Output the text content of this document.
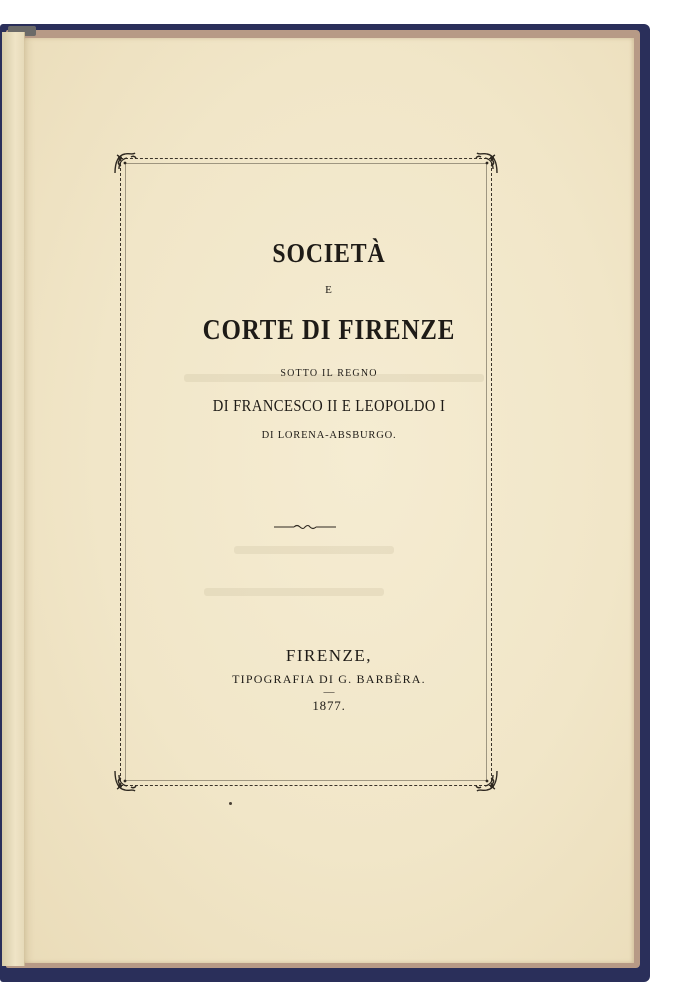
SOCIETÀ
E
CORTE DI FIRENZE
SOTTO IL REGNO
DI FRANCESCO II E LEOPOLDO I
DI LORENA-ABSBURGO.
FIRENZE,
TIPOGRAFIA DI G. BARBÈRA.
—
1877.
